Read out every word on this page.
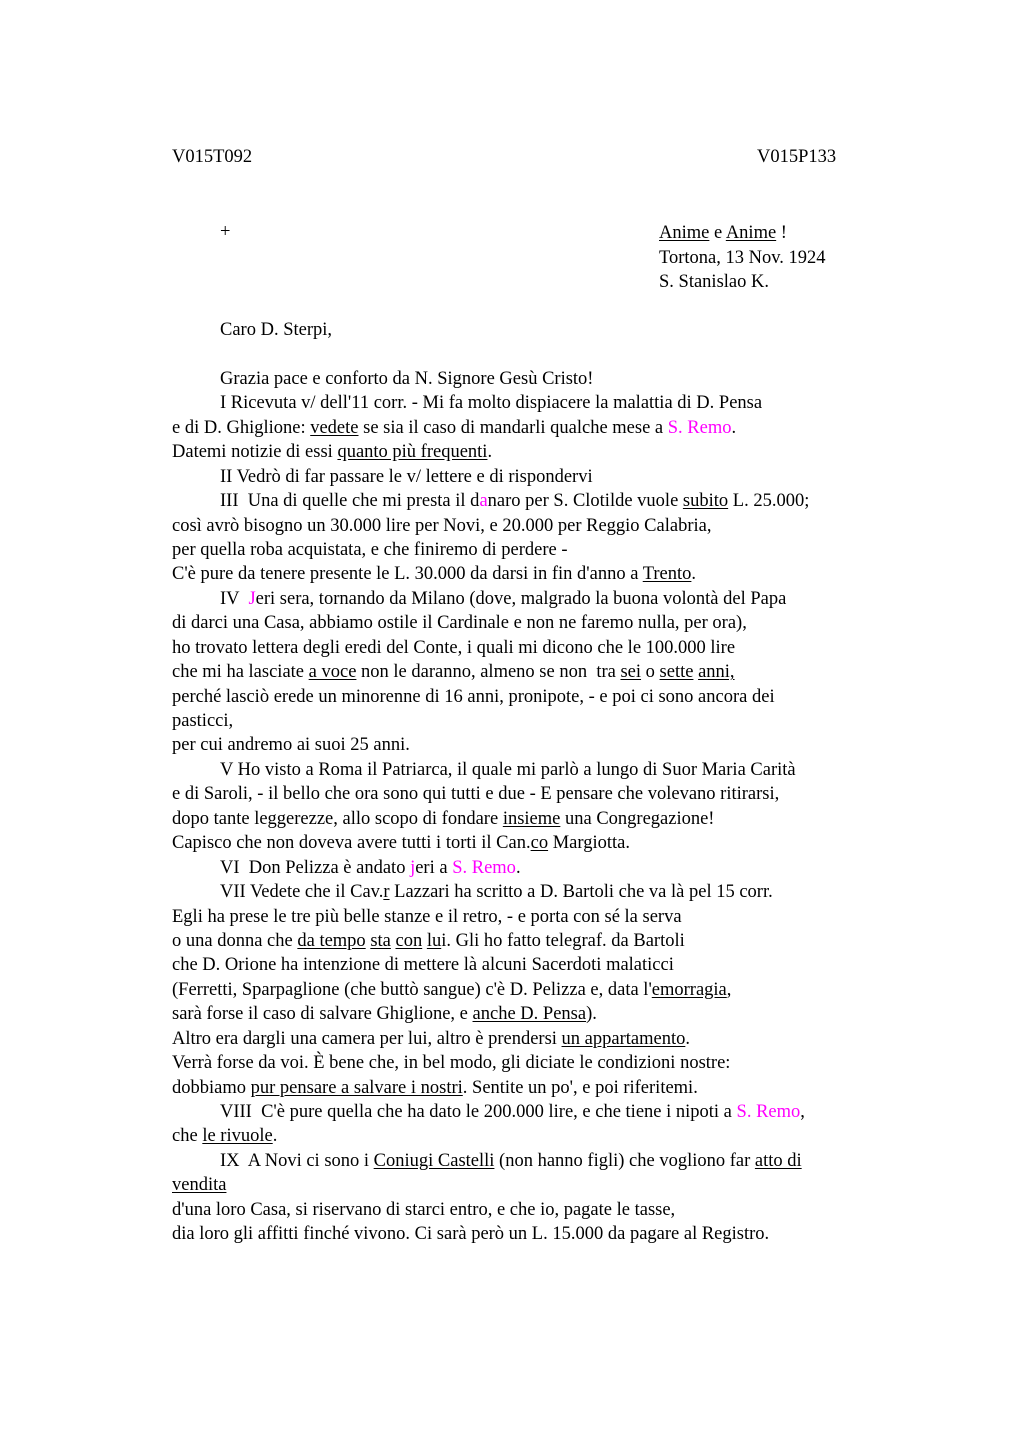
V015T092	V015P133
+	Anime e Anime !
Tortona, 13 Nov. 1924
S. Stanislao K.
Caro D. Sterpi,
Grazia pace e conforto da N. Signore Gesù Cristo!
I Ricevuta v/ dell'11 corr. - Mi fa molto dispiacere la malattia di D. Pensa
e di D. Ghiglione: vedete se sia il caso di mandarli qualche mese a S. Remo.
Datemi notizie di essi quanto più frequenti.
II Vedrò di far passare le v/ lettere e di rispondervi
III  Una di quelle che mi presta il danaro per S. Clotilde vuole subito L. 25.000;
così avrò bisogno un 30.000 lire per Novi, e 20.000 per Reggio Calabria,
per quella roba acquistata, e che finiremo di perdere -
C'è pure da tenere presente le L. 30.000 da darsi in fin d'anno a Trento.
IV  Jeri sera, tornando da Milano (dove, malgrado la buona volontà del Papa
di darci una Casa, abbiamo ostile il Cardinale e non ne faremo nulla, per ora),
ho trovato lettera degli eredi del Conte, i quali mi dicono che le 100.000 lire
che mi ha lasciate a voce non le daranno, almeno se non  tra sei o sette anni,
perché lasciò erede un minorenne di 16 anni, pronipote, - e poi ci sono ancora dei
pasticci,
per cui andremo ai suoi 25 anni.
V Ho visto a Roma il Patriarca, il quale mi parlò a lungo di Suor Maria Carità
e di Saroli, - il bello che ora sono qui tutti e due - E pensare che volevano ritirarsi,
dopo tante leggerezze, allo scopo di fondare insieme una Congregazione!
Capisco che non doveva avere tutti i torti il Can.co Margiotta.
VI  Don Pelizza è andato jeri a S. Remo.
VII Vedete che il Cav.r Lazzari ha scritto a D. Bartoli che va là pel 15 corr.
Egli ha prese le tre più belle stanze e il retro, - e porta con sé la serva
o una donna che da tempo sta con lui. Gli ho fatto telegraf. da Bartoli
che D. Orione ha intenzione di mettere là alcuni Sacerdoti malaticci
(Ferretti, Sparpaglione (che buttò sangue) c'è D. Pelizza e, data l'emorragia,
sarà forse il caso di salvare Ghiglione, e anche D. Pensa).
Altro era dargli una camera per lui, altro è prendersi un appartamento.
Verrà forse da voi. È bene che, in bel modo, gli diciate le condizioni nostre:
dobbiamo pur pensare a salvare i nostri. Sentite un po', e poi riferitemi.
VIII  C'è pure quella che ha dato le 200.000 lire, e che tiene i nipoti a S. Remo,
che le rivuole.
IX  A Novi ci sono i Coniugi Castelli (non hanno figli) che vogliono far atto di
vendita
d'una loro Casa, si riservano di starci entro, e che io, pagate le tasse,
dia loro gli affitti finché vivono. Ci sarà però un L. 15.000 da pagare al Registro.
